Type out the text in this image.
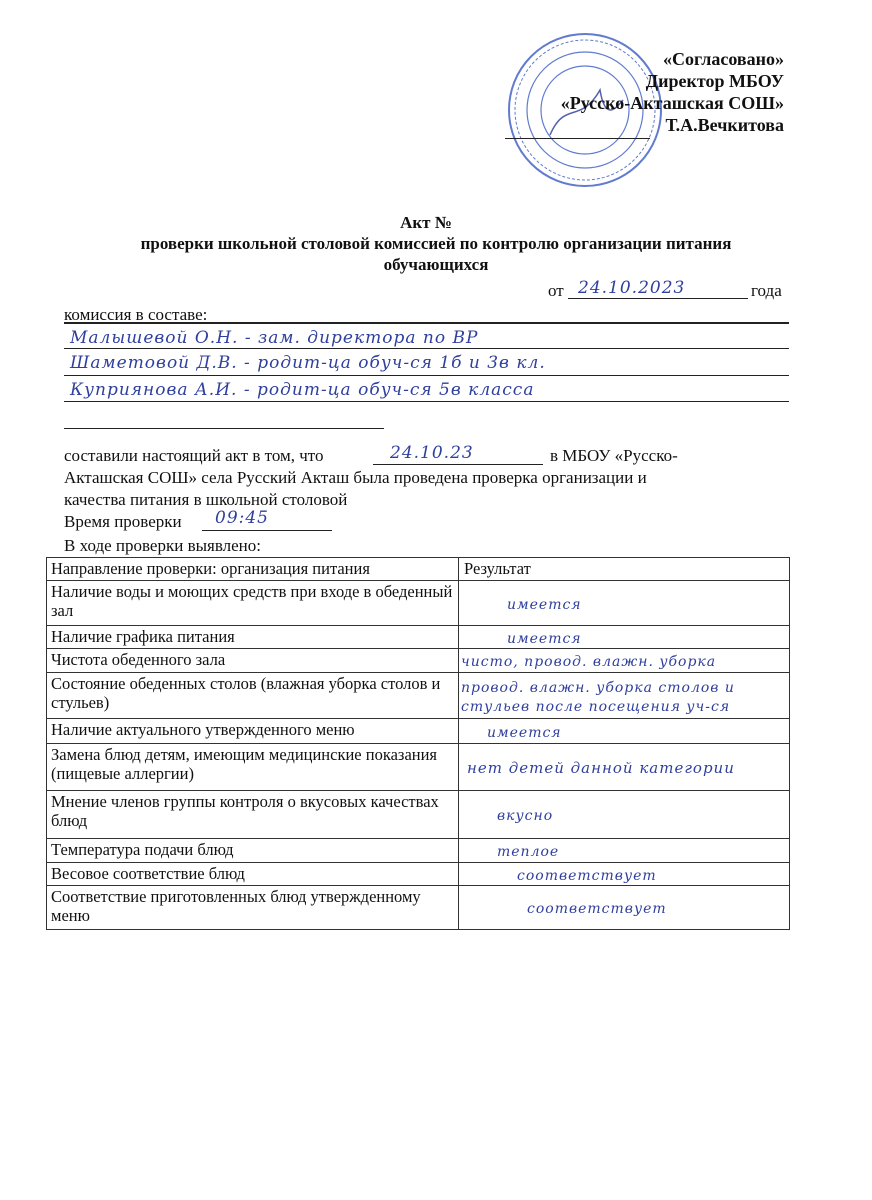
«Согласовано»
Директор МБОУ
«Русско-Акташская СОШ»
Т.А.Вечкитова
Акт №
проверки школьной столовой комиссией по контролю организации питания
обучающихся
от 24.10.2023	года
комиссия в составе:
Малышевой О.Н. - зам. директора по ВР
Шаметовой Д.В. - родит-ца обуч-ся 1б и 3в кл.
Куприянова А.И. - родит-ца обуч-ся 5в класса
составили настоящий акт в том, что	24.10.23	в МБОУ «Русско-
Акташская СОШ» села Русский Акташ была проведена проверка организации и
качества питания в школьной столовой
Время проверки 09:45
В ходе проверки выявлено:
Направление проверки: организация питания	Результат
Наличие воды и моющих средств при входе в обеденный зал	имеется
Наличие графика питания	имеется
Чистота обеденного зала	чисто, провод. влажн. уборка
Состояние обеденных столов (влажная уборка столов и стульев)	провод. влажн. уборка столов и стульев после посещения уч-ся
Наличие актуального утвержденного меню	имеется
Замена блюд детям, имеющим медицинские показания (пищевые аллергии)	нет детей данной категории
Мнение членов группы контроля о вкусовых качествах блюд	вкусно
Температура подачи блюд	теплое
Весовое соответствие блюд	соответствует
Соответствие приготовленных блюд утвержденному меню	соответствует
